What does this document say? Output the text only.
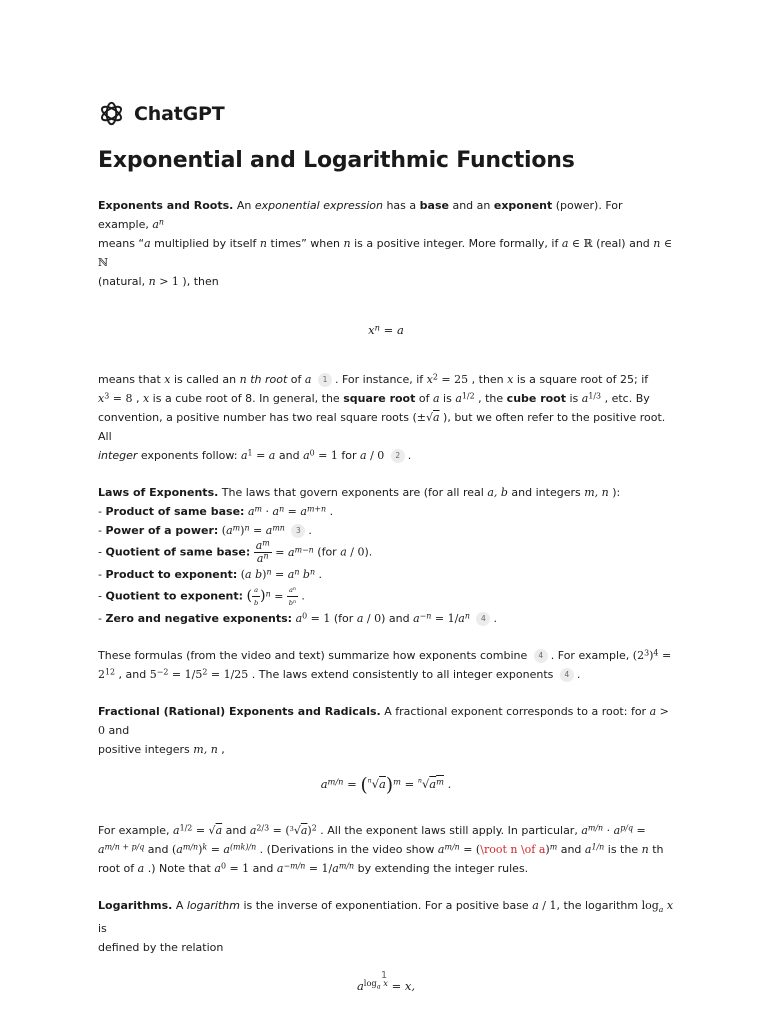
ChatGPT
Exponential and Logarithmic Functions

Exponents and Roots. An exponential expression has a base and an exponent (power). For example, $a^n$
means “a multiplied by itself n times” when n is a positive integer. More formally, if a ∈ ℝ (real) and n ∈ ℕ
(natural, n > 1 ), then

$x^n = a$

means that x is called an n th root of a 1 . For instance, if $x^2 = 25$ , then x is a square root of 25; if
$x^3 = 8$ , x is a cube root of 8. In general, the square root of a is $a^{1/2}$ , the cube root is $a^{1/3}$ , etc. By
convention, a positive number has two real square roots (±√a ), but we often refer to the positive root. All
integer exponents follow: $a^1 = a$ and $a^0 = 1$ for a / 0 2 .

Laws of Exponents. The laws that govern exponents are (for all real a, b and integers m, n ):
- Product of same base: $a^m \cdot a^n = a^{m+n}$ .
- Power of a power: $(a^m)^n = a^{mn}$ 3 .
- Quotient of same base: $\frac{a^m}{a^n} = a^{m-n}$ (for a / 0).
- Product to exponent: (a $b)^n = a^n$ $b^n$ .
- Quotient to exponent: ( $\frac{a}{b} )^n = \frac{a^n}{b^n}$ .
- Zero and negative exponents: $a^0 = 1$ (for a / 0) and $a^{-n} = 1/a^n$ 4 .

These formulas (from the video and text) summarize how exponents combine 4 . For example, $(2^3)^4$ =
$2^{12}$ , and $5^{-2} = 1/5^2 = 1/25$ . The laws extend consistently to all integer exponents 4 .

Fractional (Rational) Exponents and Radicals. A fractional exponent corresponds to a root: for a > 0 and
positive integers m, n ,

$a^{m/n} = (^n√a)^m = ^n√a^m$ .

For example, $a^{1/2} = √a$ and $a^{2/3} = (^3√a)^2$ . All the exponent laws still apply. In particular, $a^{m/n} \cdot a^{p/q}$ =
$a^{m/n + p/q}$ and $(a^{m/n})^k = a^{(mk)/n}$ . (Derivations in the video show $a^{m/n}$ = (\root n \of a)$^m$ and $a^{1/n}$ is the n th
root of a .) Note that $a^0 = 1$ and $a^{-m/n} = 1/a^{m/n}$ by extending the integer rules.

Logarithms. A logarithm is the inverse of exponentiation. For a positive base a / 1, the logarithm $\log_a x$ is
defined by the relation

$a^{log_a x} = x$,
1
